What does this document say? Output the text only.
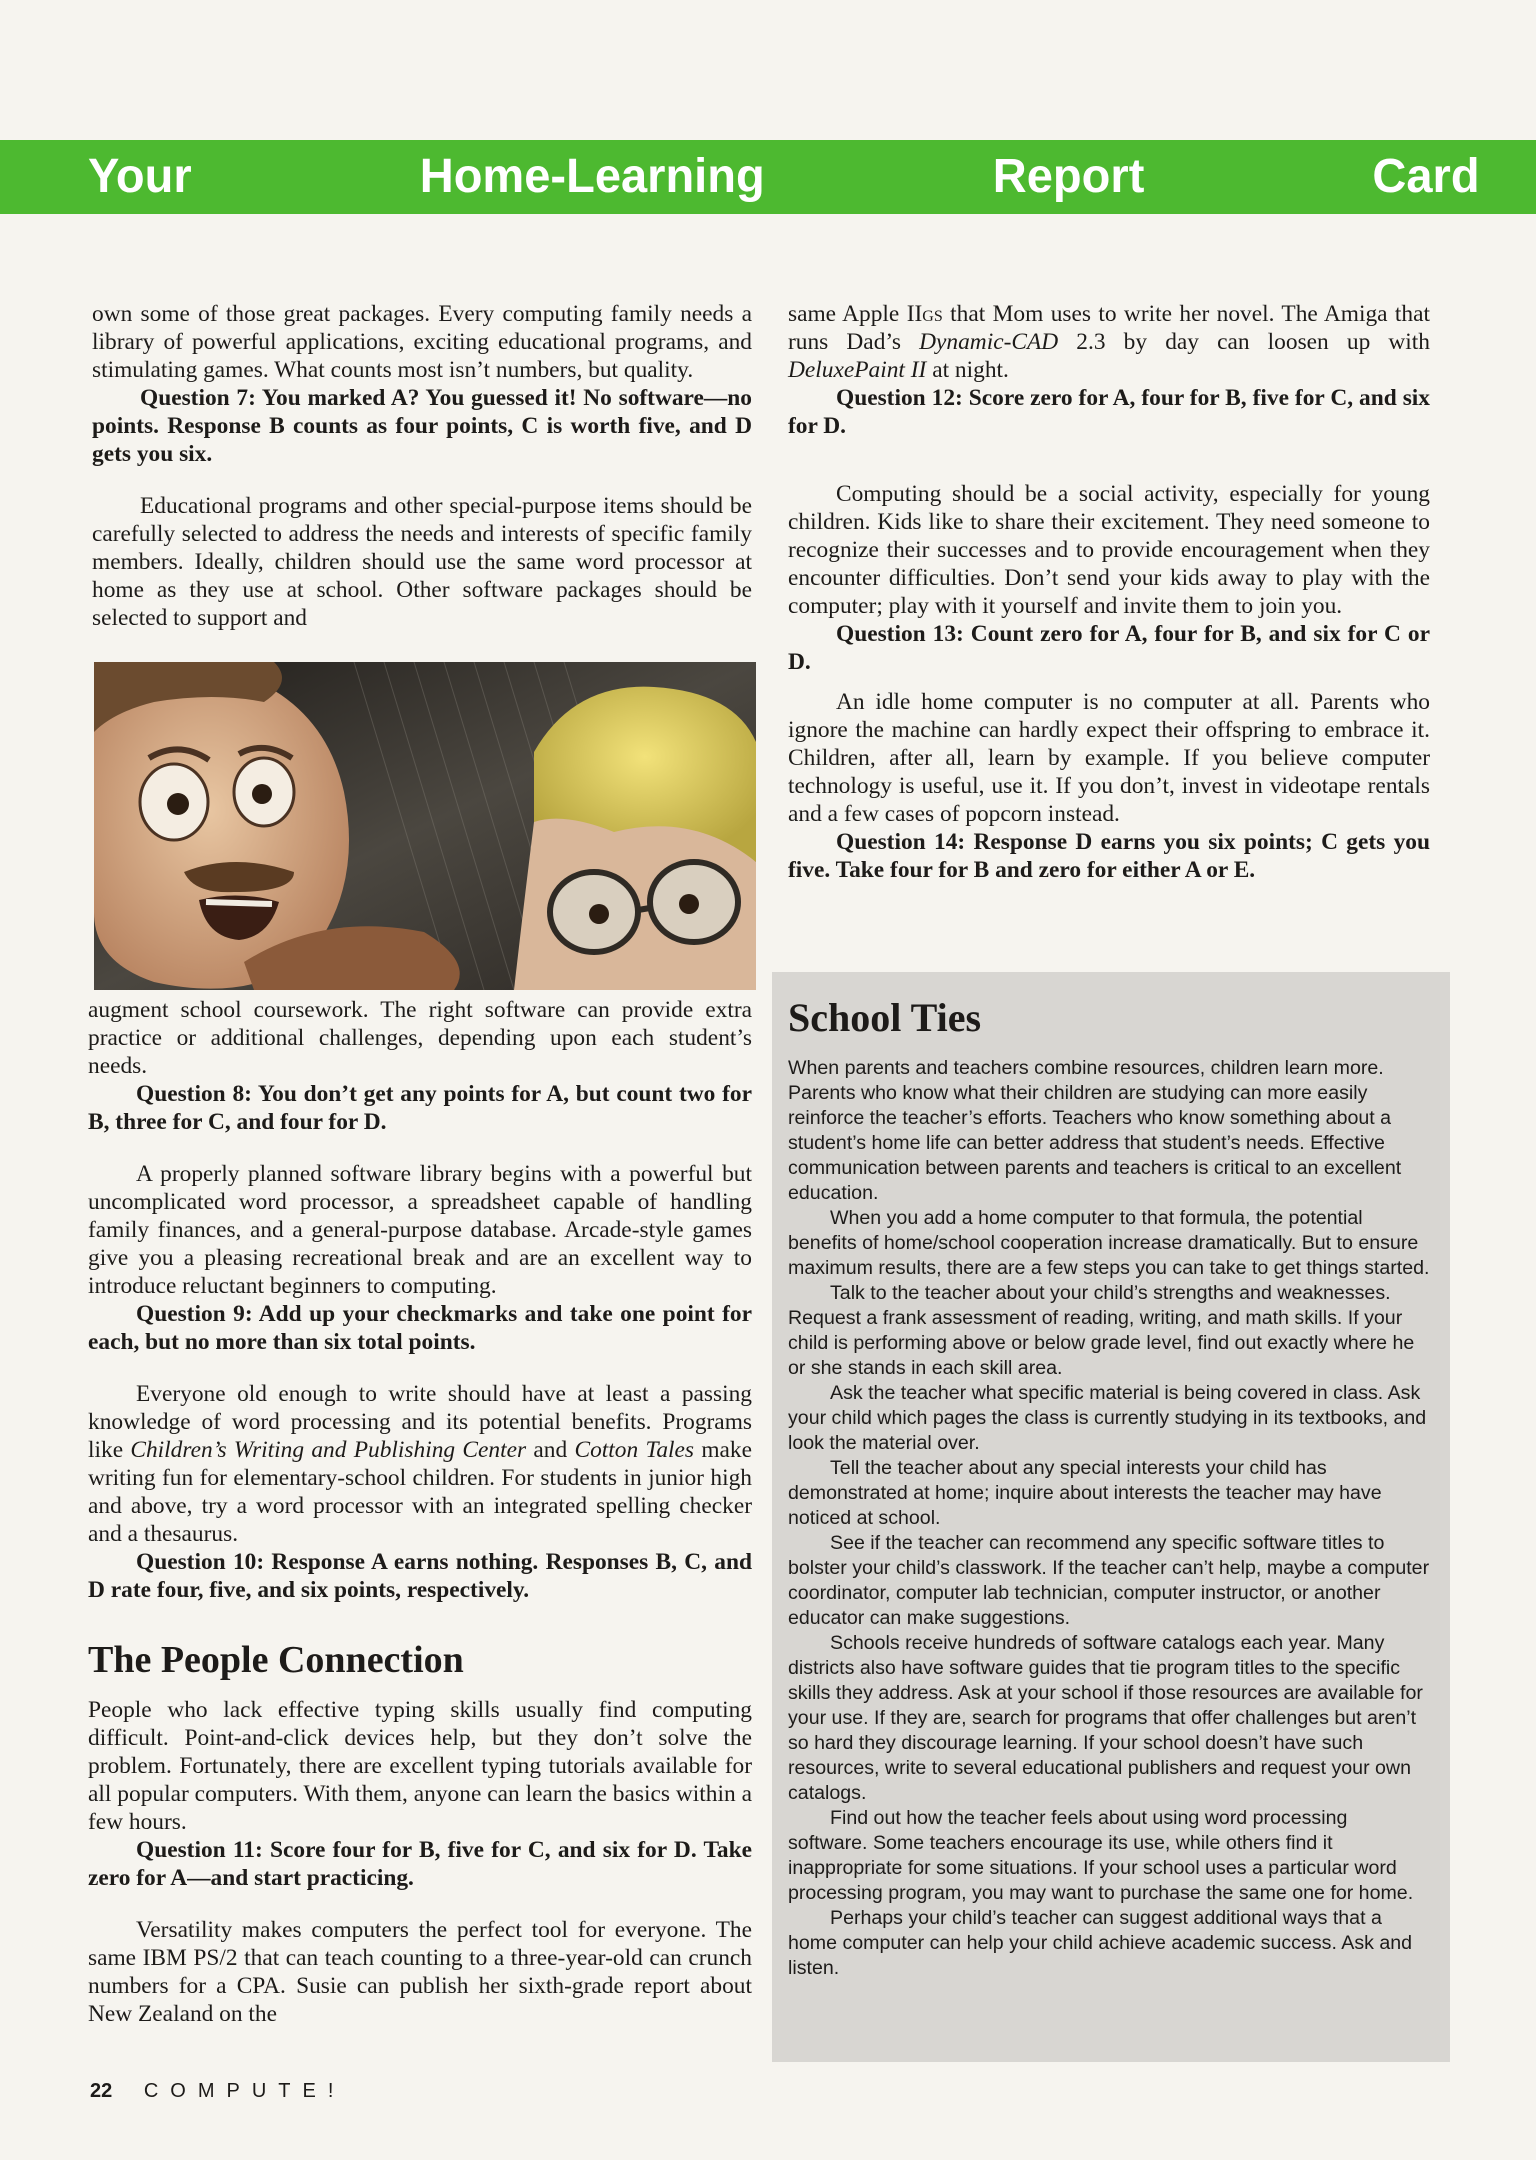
Your Home-Learning Report Card

own some of those great packages. Every computing family needs a library of powerful applications, exciting educational programs, and stimulating games. What counts most isn’t numbers, but quality.

Question 7: You marked A? You guessed it! No software—no points. Response B counts as four points, C is worth five, and D gets you six.

Educational programs and other special-purpose items should be carefully selected to address the needs and interests of specific family members. Ideally, children should use the same word processor at home as they use at school. Other software packages should be selected to support and

augment school coursework. The right software can provide extra practice or additional challenges, depending upon each student’s needs.

Question 8: You don’t get any points for A, but count two for B, three for C, and four for D.

A properly planned software library begins with a powerful but uncomplicated word processor, a spreadsheet capable of handling family finances, and a general-purpose database. Arcade-style games give you a pleasing recreational break and are an excellent way to introduce reluctant beginners to computing.

Question 9: Add up your checkmarks and take one point for each, but no more than six total points.

Everyone old enough to write should have at least a passing knowledge of word processing and its potential benefits. Programs like Children’s Writing and Publishing Center and Cotton Tales make writing fun for elementary-school children. For students in junior high and above, try a word processor with an integrated spelling checker and a thesaurus.

Question 10: Response A earns nothing. Responses B, C, and D rate four, five, and six points, respectively.

The People Connection

People who lack effective typing skills usually find computing difficult. Point-and-click devices help, but they don’t solve the problem. Fortunately, there are excellent typing tutorials available for all popular computers. With them, anyone can learn the basics within a few hours.

Question 11: Score four for B, five for C, and six for D. Take zero for A—and start practicing.

Versatility makes computers the perfect tool for everyone. The same IBM PS/2 that can teach counting to a three-year-old can crunch numbers for a CPA. Susie can publish her sixth-grade report about New Zealand on the

same Apple IIgs that Mom uses to write her novel. The Amiga that runs Dad’s Dynamic-CAD 2.3 by day can loosen up with DeluxePaint II at night.

Question 12: Score zero for A, four for B, five for C, and six for D.

Computing should be a social activity, especially for young children. Kids like to share their excitement. They need someone to recognize their successes and to provide encouragement when they encounter difficulties. Don’t send your kids away to play with the computer; play with it yourself and invite them to join you.

Question 13: Count zero for A, four for B, and six for C or D.

An idle home computer is no computer at all. Parents who ignore the machine can hardly expect their offspring to embrace it. Children, after all, learn by example. If you believe computer technology is useful, use it. If you don’t, invest in videotape rentals and a few cases of popcorn instead.

Question 14: Response D earns you six points; C gets you five. Take four for B and zero for either A or E.

School Ties

When parents and teachers combine resources, children learn more. Parents who know what their children are studying can more easily reinforce the teacher’s efforts. Teachers who know something about a student’s home life can better address that student’s needs. Effective communication between parents and teachers is critical to an excellent education.

When you add a home computer to that formula, the potential benefits of home/school cooperation increase dramatically. But to ensure maximum results, there are a few steps you can take to get things started.

Talk to the teacher about your child’s strengths and weaknesses. Request a frank assessment of reading, writing, and math skills. If your child is performing above or below grade level, find out exactly where he or she stands in each skill area.

Ask the teacher what specific material is being covered in class. Ask your child which pages the class is currently studying in its textbooks, and look the material over.

Tell the teacher about any special interests your child has demonstrated at home; inquire about interests the teacher may have noticed at school.

See if the teacher can recommend any specific software titles to bolster your child’s classwork. If the teacher can’t help, maybe a computer coordinator, computer lab technician, computer instructor, or another educator can make suggestions.

Schools receive hundreds of software catalogs each year. Many districts also have software guides that tie program titles to the specific skills they address. Ask at your school if those resources are available for your use. If they are, search for programs that offer challenges but aren’t so hard they discourage learning. If your school doesn’t have such resources, write to several educational publishers and request your own catalogs.

Find out how the teacher feels about using word processing software. Some teachers encourage its use, while others find it inappropriate for some situations. If your school uses a particular word processing program, you may want to purchase the same one for home.

Perhaps your child’s teacher can suggest additional ways that a home computer can help your child achieve academic success. Ask and listen.

22 COMPUTE!
